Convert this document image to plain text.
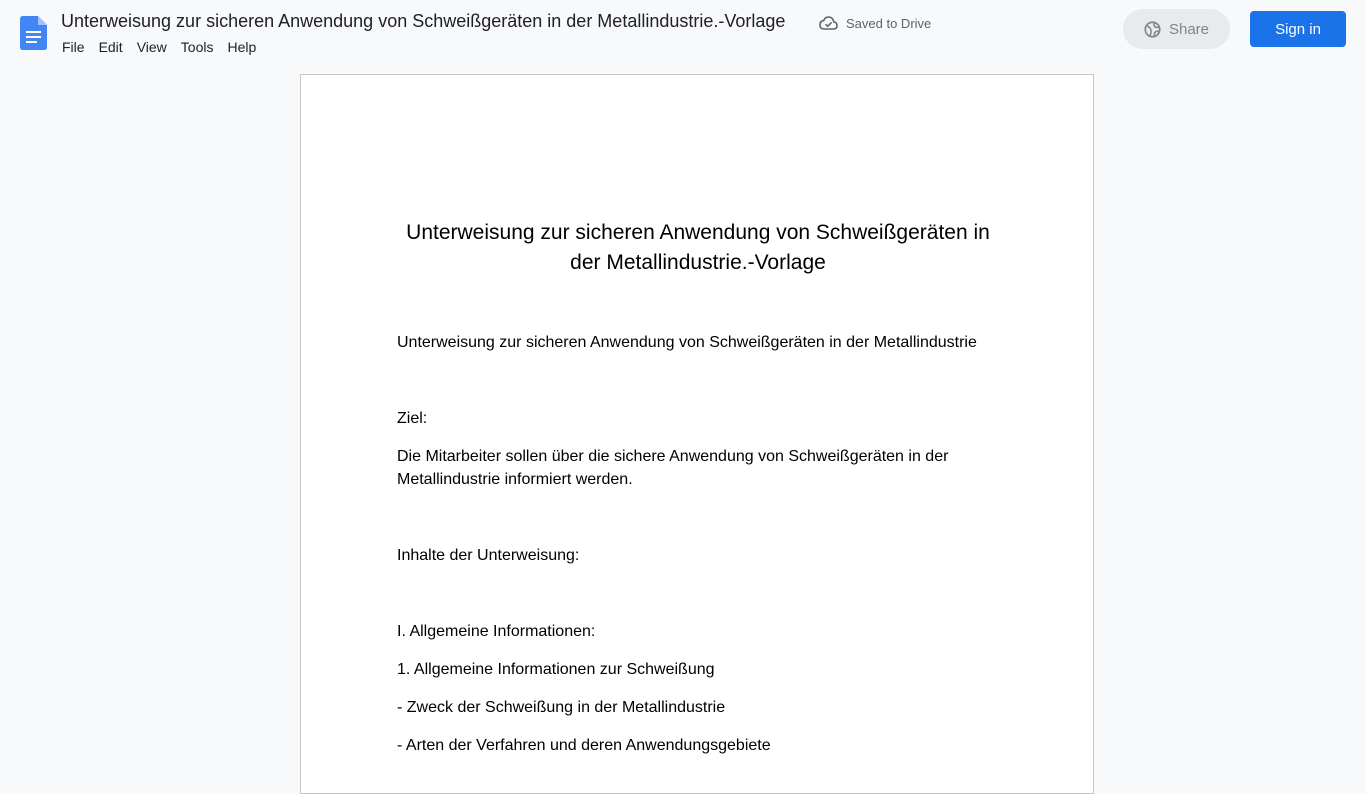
Unterweisung zur sicheren Anwendung von Schweißgeräten in der Metallindustrie.-Vorlage	Saved to Drive
File	Edit	View	Tools	Help
Share	Sign in
Unterweisung zur sicheren Anwendung von Schweißgeräten in der Metallindustrie.-Vorlage
Unterweisung zur sicheren Anwendung von Schweißgeräten in der Metallindustrie
Ziel:
Die Mitarbeiter sollen über die sichere Anwendung von Schweißgeräten in der Metallindustrie informiert werden.
Inhalte der Unterweisung:
I. Allgemeine Informationen:
1. Allgemeine Informationen zur Schweißung
- Zweck der Schweißung in der Metallindustrie
- Arten der Verfahren und deren Anwendungsgebiete
